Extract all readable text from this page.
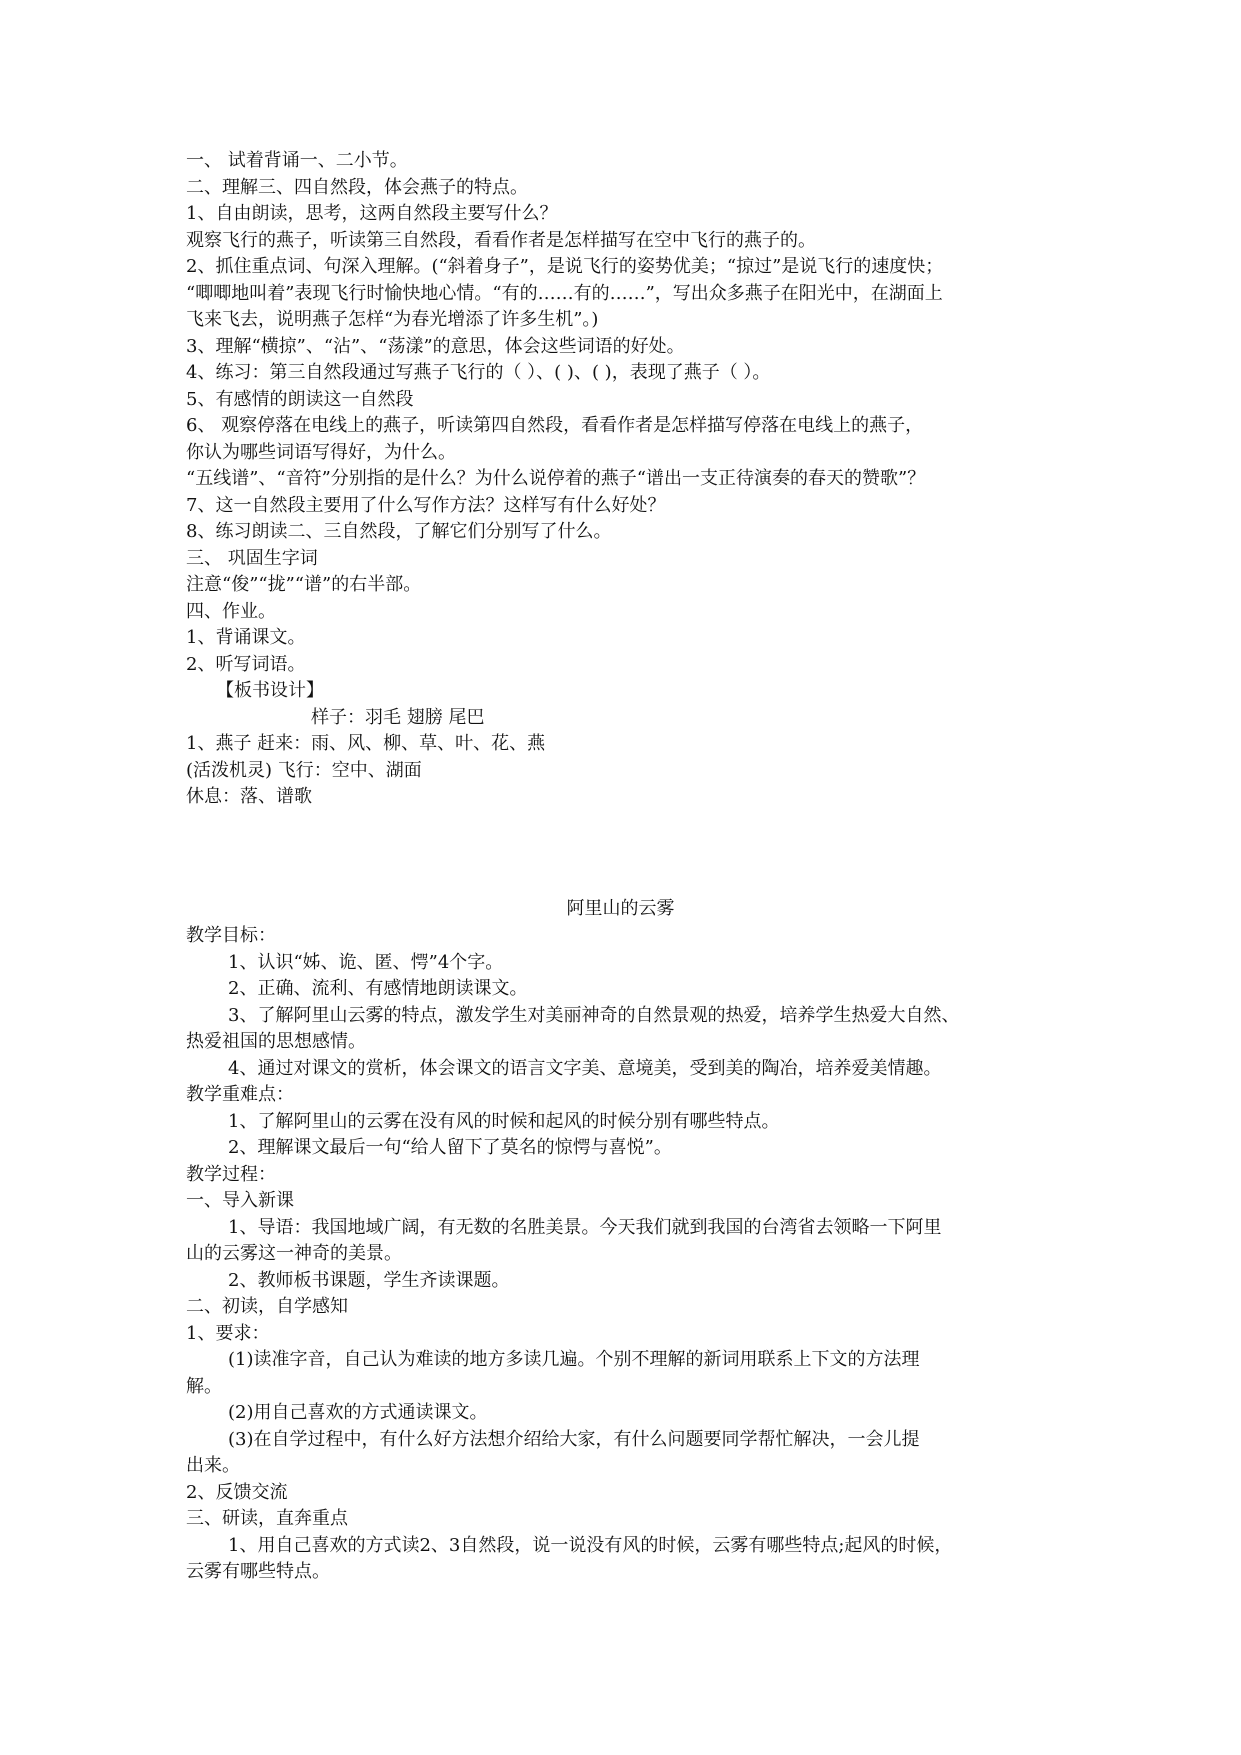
一、 试着背诵一、二小节。
二、理解三、四自然段，体会燕子的特点。
1、自由朗读，思考，这两自然段主要写什么？
观察飞行的燕子，听读第三自然段，看看作者是怎样描写在空中飞行的燕子的。
2、抓住重点词、句深入理解。(“斜着身子”，是说飞行的姿势优美；“掠过”是说飞行的速度快；
“唧唧地叫着”表现飞行时愉快地心情。“有的……有的……”，写出众多燕子在阳光中，在湖面上
飞来飞去，说明燕子怎样“为春光增添了许多生机”。)
3、理解“横掠”、“沾”、“荡漾”的意思，体会这些词语的好处。
4、练习：第三自然段通过写燕子飞行的（ ）、( )、( )，表现了燕子（ ）。
5、有感情的朗读这一自然段
6、 观察停落在电线上的燕子，听读第四自然段，看看作者是怎样描写停落在电线上的燕子，
你认为哪些词语写得好，为什么。
“五线谱”、“音符”分别指的是什么？为什么说停着的燕子“谱出一支正待演奏的春天的赞歌”？
7、这一自然段主要用了什么写作方法？这样写有什么好处？
8、练习朗读二、三自然段，了解它们分别写了什么。
三、 巩固生字词
注意“俊”“拢”“谱”的右半部。
四、作业。
1、背诵课文。
2、听写词语。
【板书设计】
样子：羽毛 翅膀 尾巴
1、燕子 赶来：雨、风、柳、草、叶、花、燕
(活泼机灵) 飞行：空中、湖面
休息：落、谱歌
阿里山的云雾
教学目标：
1、认识“姊、诡、匿、愕”4个字。
2、正确、流利、有感情地朗读课文。
3、了解阿里山云雾的特点，激发学生对美丽神奇的自然景观的热爱，培养学生热爱大自然、
热爱祖国的思想感情。
4、通过对课文的赏析，体会课文的语言文字美、意境美，受到美的陶冶，培养爱美情趣。
教学重难点：
1、了解阿里山的云雾在没有风的时候和起风的时候分别有哪些特点。
2、理解课文最后一句“给人留下了莫名的惊愕与喜悦”。
教学过程：
一、导入新课
1、导语：我国地域广阔，有无数的名胜美景。今天我们就到我国的台湾省去领略一下阿里
山的云雾这一神奇的美景。
2、教师板书课题，学生齐读课题。
二、初读，自学感知
1、要求：
(1)读准字音，自己认为难读的地方多读几遍。个别不理解的新词用联系上下文的方法理
解。
(2)用自己喜欢的方式通读课文。
(3)在自学过程中，有什么好方法想介绍给大家，有什么问题要同学帮忙解决，一会儿提
出来。
2、反馈交流
三、研读，直奔重点
1、用自己喜欢的方式读2、3自然段，说一说没有风的时候，云雾有哪些特点;起风的时候，
云雾有哪些特点。
